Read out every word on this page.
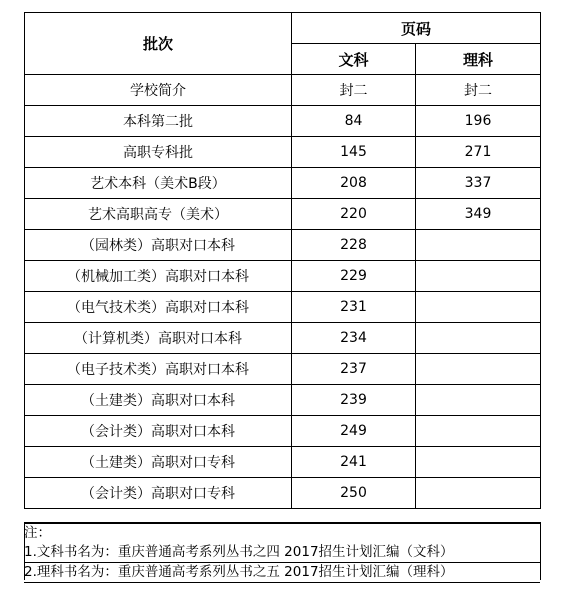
批次	页码	
	文科	理科
学校简介	封二	封二
本科第二批	84	196
高职专科批	145	271
艺术本科（美术B段）	208	337
艺术高职高专（美术）	220	349
（园林类）高职对口本科	228	
（机械加工类）高职对口本科	229	
（电气技术类）高职对口本科	231	
（计算机类）高职对口本科	234	
（电子技术类）高职对口本科	237	
（土建类）高职对口本科	239	
（会计类）高职对口本科	249	
（土建类）高职对口专科	241	
（会计类）高职对口专科	250	
注：
1.文科书名为：重庆普通高考系列丛书之四 2017招生计划汇编（文科）
2.理科书名为：重庆普通高考系列丛书之五 2017招生计划汇编（理科）
